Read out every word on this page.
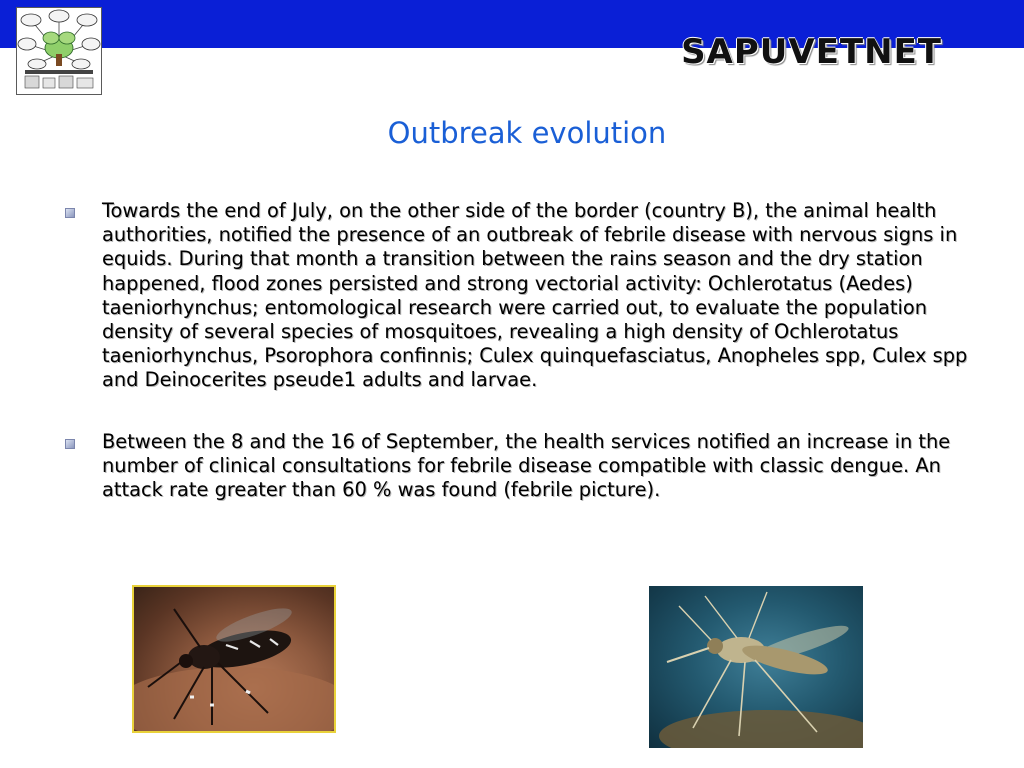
SAPUVETNET
Outbreak evolution
Towards the end of July, on the other side of the border (country B), the animal health authorities, notified the presence of an outbreak of febrile disease with nervous signs in equids. During that month a transition between the rains season and the dry station happened, flood zones persisted and strong vectorial activity: Ochlerotatus (Aedes) taeniorhynchus; entomological research were carried out, to evaluate the population density of several species of mosquitoes, revealing a high density of Ochlerotatus taeniorhynchus, Psorophora confinnis; Culex quinquefasciatus, Anopheles spp, Culex spp and Deinocerites pseude1 adults and larvae.
Between the 8 and the 16 of September, the health services notified an increase in the number of clinical consultations for febrile disease compatible with classic dengue. An attack rate greater than 60 % was found (febrile picture).
